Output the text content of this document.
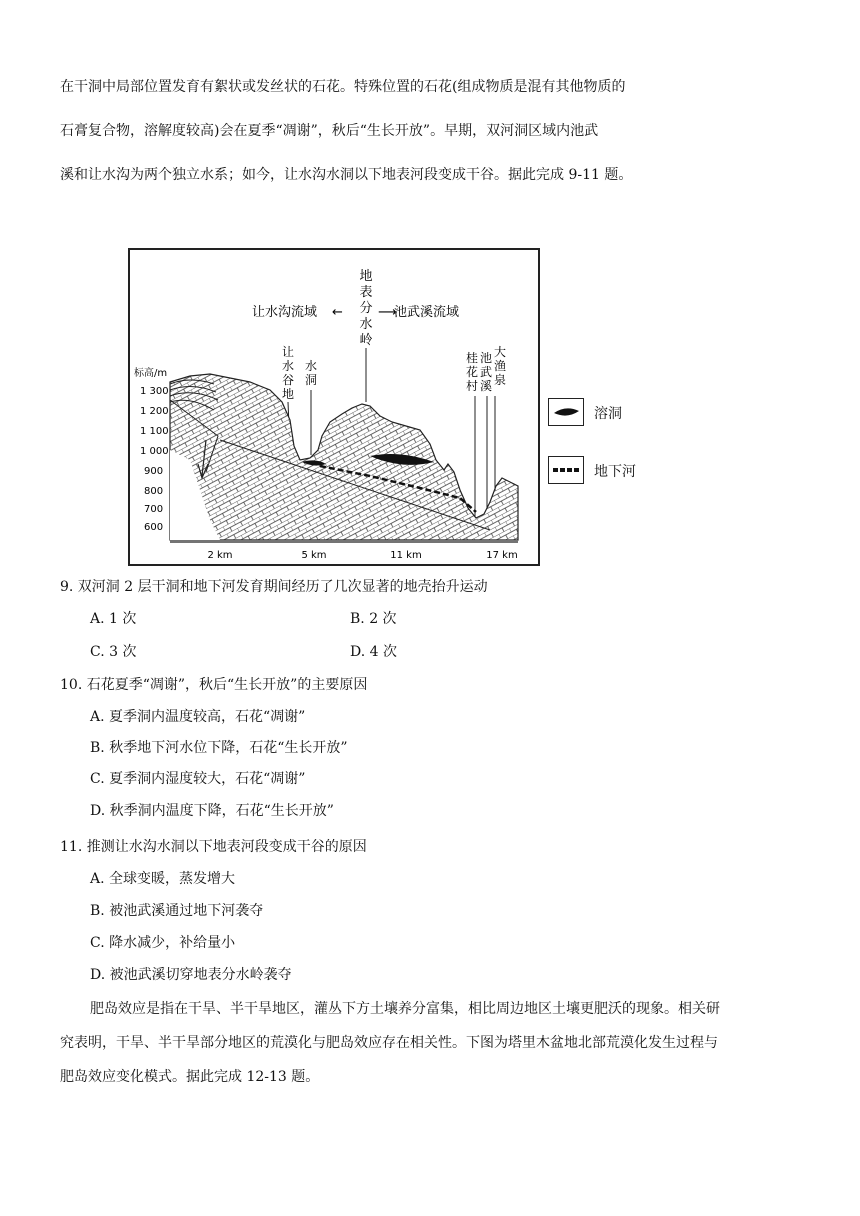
在干洞中局部位置发育有絮状或发丝状的石花。特殊位置的石花(组成物质是混有其他物质的
石膏复合物，溶解度较高)会在夏季“凋谢”，秋后“生长开放”。早期，双河洞区域内池武
溪和让水沟为两个独立水系；如今，让水沟水洞以下地表河段变成干谷。据此完成 9-11 题。
地
表
分
水
岭
让水沟流域 ←	⟶
池武溪流域
让
水
谷
地
水
洞
桂
花
村
池
武
溪
大
渔
泉
标高/m
1 300
1 200
1 100
1 000
900
800
700
600
2 km	5 km	11 km	17 km
溶洞
地下河
9. 双河洞 2 层干洞和地下河发育期间经历了几次显著的地壳抬升运动
A. 1 次	B. 2 次
C. 3 次	D. 4 次
10. 石花夏季“凋谢”，秋后“生长开放”的主要原因
A. 夏季洞内温度较高，石花“凋谢”
B. 秋季地下河水位下降，石花“生长开放”
C. 夏季洞内湿度较大，石花“凋谢”
D. 秋季洞内温度下降，石花“生长开放”
11. 推测让水沟水洞以下地表河段变成干谷的原因
A. 全球变暖，蒸发增大
B. 被池武溪通过地下河袭夺
C. 降水减少，补给量小
D. 被池武溪切穿地表分水岭袭夺
肥岛效应是指在干旱、半干旱地区，灌丛下方土壤养分富集，相比周边地区土壤更肥沃的现象。相关研
究表明，干旱、半干旱部分地区的荒漠化与肥岛效应存在相关性。下图为塔里木盆地北部荒漠化发生过程与
肥岛效应变化模式。据此完成 12-13 题。
